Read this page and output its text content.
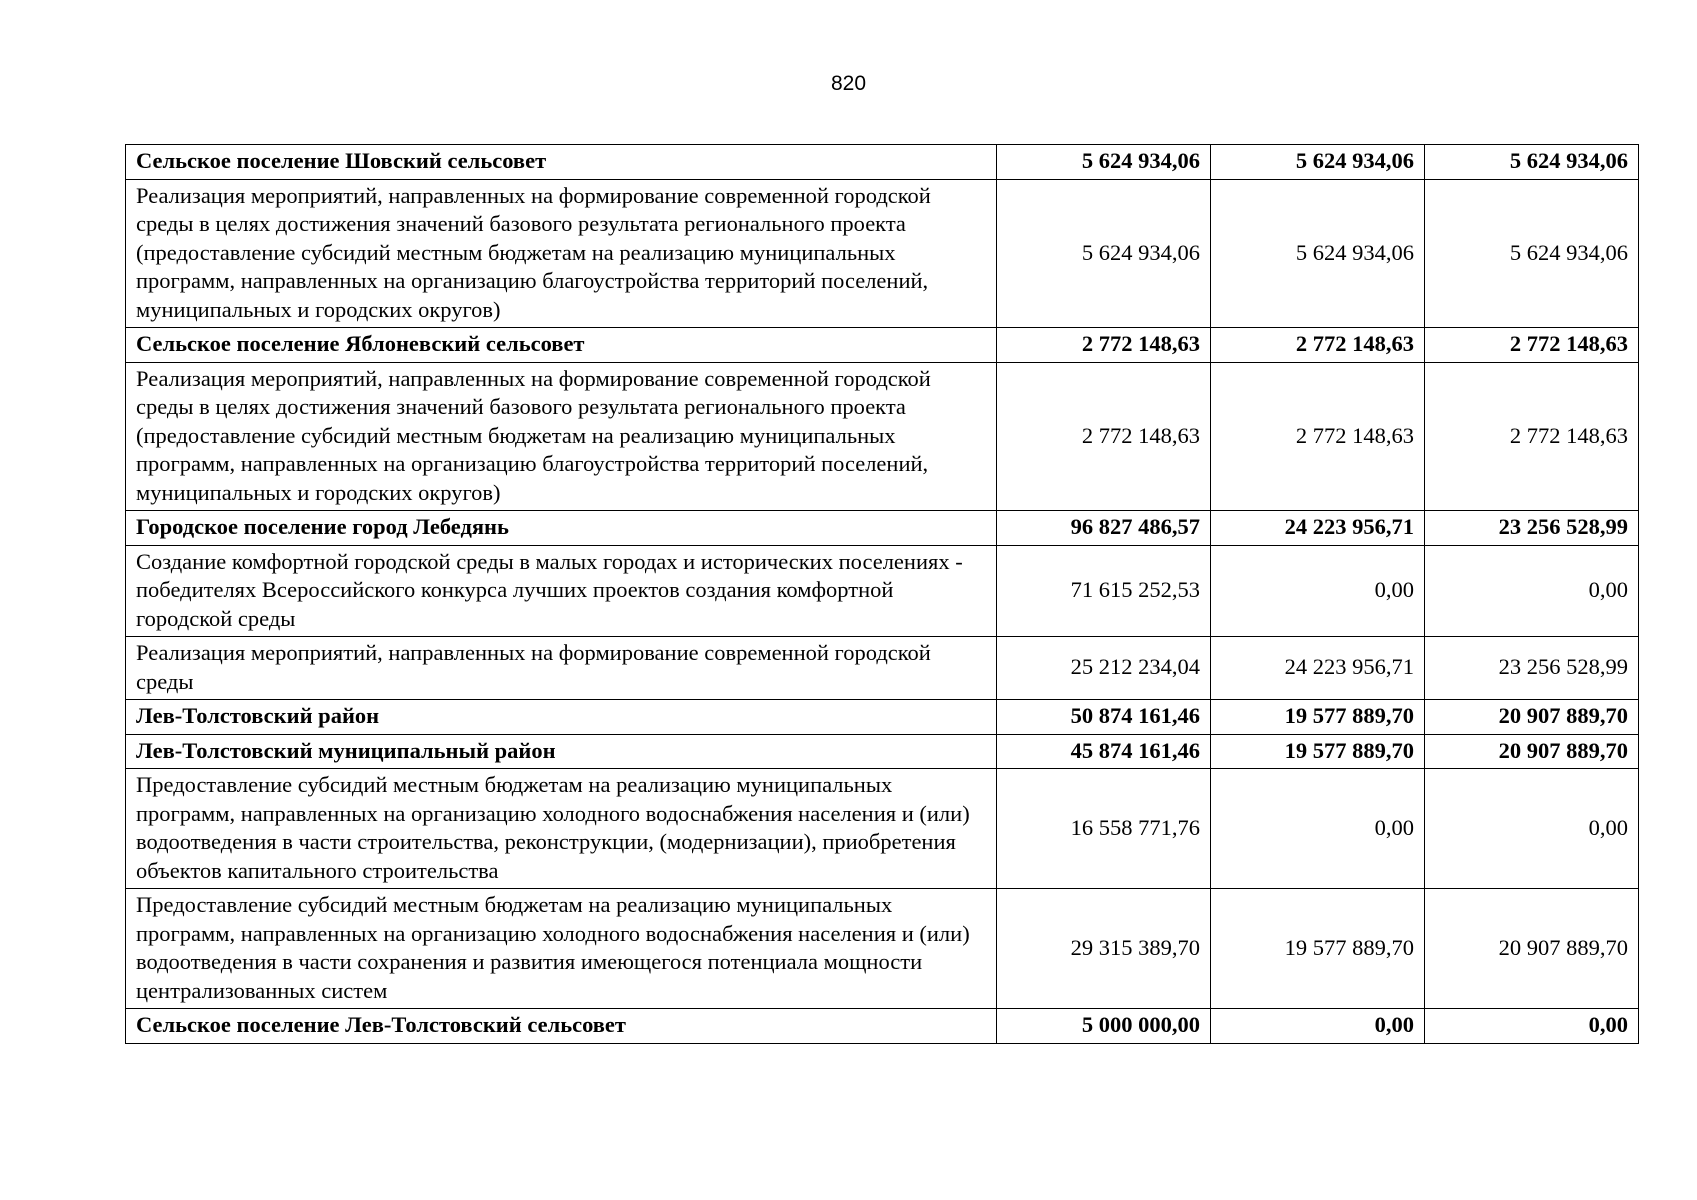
820
Сельское поселение Шовский сельсовет	5 624 934,06	5 624 934,06	5 624 934,06
Реализация мероприятий, направленных на формирование современной городской среды в целях достижения значений базового результата регионального проекта (предоставление субсидий местным бюджетам на реализацию муниципальных программ, направленных на организацию благоустройства территорий поселений, муниципальных и городских округов)	5 624 934,06	5 624 934,06	5 624 934,06
Сельское поселение Яблоневский сельсовет	2 772 148,63	2 772 148,63	2 772 148,63
Реализация мероприятий, направленных на формирование современной городской среды в целях достижения значений базового результата регионального проекта (предоставление субсидий местным бюджетам на реализацию муниципальных программ, направленных на организацию благоустройства территорий поселений, муниципальных и городских округов)	2 772 148,63	2 772 148,63	2 772 148,63
Городское поселение город Лебедянь	96 827 486,57	24 223 956,71	23 256 528,99
Создание комфортной городской среды в малых городах и исторических поселениях - победителях Всероссийского конкурса лучших проектов создания комфортной городской среды	71 615 252,53	0,00	0,00
Реализация мероприятий, направленных на формирование современной городской среды	25 212 234,04	24 223 956,71	23 256 528,99
Лев-Толстовский район	50 874 161,46	19 577 889,70	20 907 889,70
Лев-Толстовский муниципальный район	45 874 161,46	19 577 889,70	20 907 889,70
Предоставление субсидий местным бюджетам на реализацию муниципальных программ, направленных на организацию холодного водоснабжения населения и (или) водоотведения в части строительства, реконструкции, (модернизации), приобретения объектов капитального строительства	16 558 771,76	0,00	0,00
Предоставление субсидий местным бюджетам на реализацию муниципальных программ, направленных на организацию холодного водоснабжения населения и (или) водоотведения в части сохранения и развития имеющегося потенциала мощности централизованных систем	29 315 389,70	19 577 889,70	20 907 889,70
Сельское поселение Лев-Толстовский сельсовет	5 000 000,00	0,00	0,00
